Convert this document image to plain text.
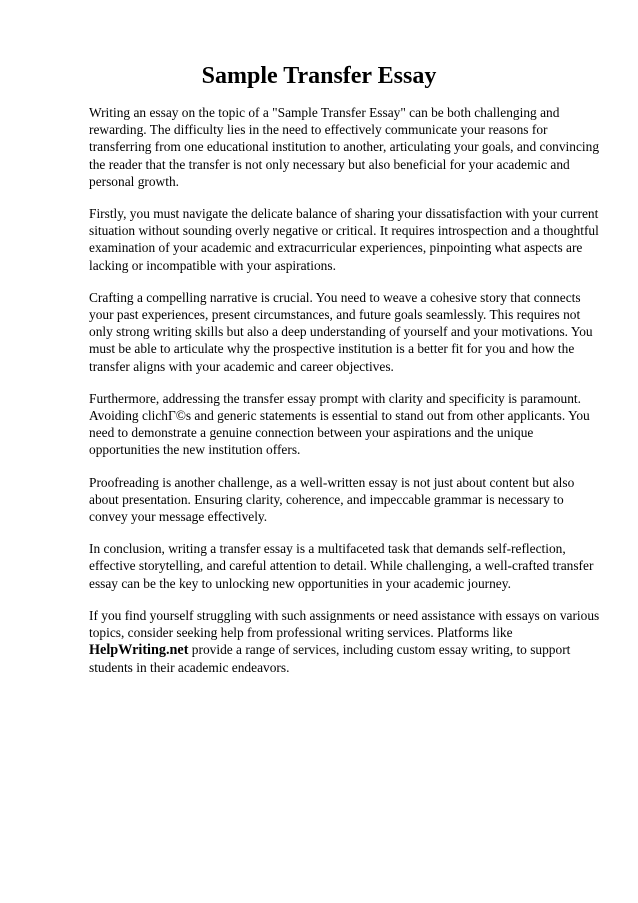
Sample Transfer Essay

Writing an essay on the topic of a "Sample Transfer Essay" can be both challenging and rewarding. The difficulty lies in the need to effectively communicate your reasons for transferring from one educational institution to another, articulating your goals, and convincing the reader that the transfer is not only necessary but also beneficial for your academic and personal growth.

Firstly, you must navigate the delicate balance of sharing your dissatisfaction with your current situation without sounding overly negative or critical. It requires introspection and a thoughtful examination of your academic and extracurricular experiences, pinpointing what aspects are lacking or incompatible with your aspirations.

Crafting a compelling narrative is crucial. You need to weave a cohesive story that connects your past experiences, present circumstances, and future goals seamlessly. This requires not only strong writing skills but also a deep understanding of yourself and your motivations. You must be able to articulate why the prospective institution is a better fit for you and how the transfer aligns with your academic and career objectives.

Furthermore, addressing the transfer essay prompt with clarity and specificity is paramount. Avoiding clichГ©s and generic statements is essential to stand out from other applicants. You need to demonstrate a genuine connection between your aspirations and the unique opportunities the new institution offers.

Proofreading is another challenge, as a well-written essay is not just about content but also about presentation. Ensuring clarity, coherence, and impeccable grammar is necessary to convey your message effectively.

In conclusion, writing a transfer essay is a multifaceted task that demands self-reflection, effective storytelling, and careful attention to detail. While challenging, a well-crafted transfer essay can be the key to unlocking new opportunities in your academic journey.

If you find yourself struggling with such assignments or need assistance with essays on various topics, consider seeking help from professional writing services. Platforms like HelpWriting.net provide a range of services, including custom essay writing, to support students in their academic endeavors.
